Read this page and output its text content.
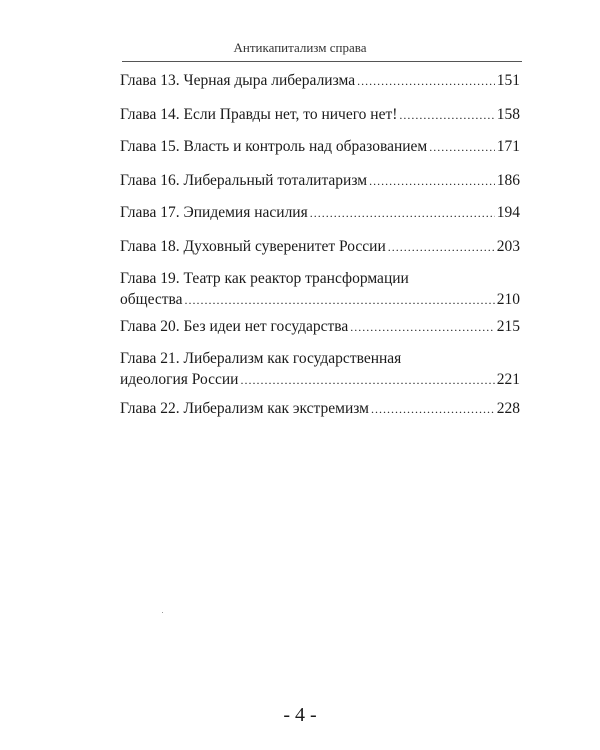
Антикапитализм справа
Глава 13. Черная дыра либерализма .....	151
Глава 14. Если Правды нет, то ничего нет! .....	158
Глава 15. Власть и контроль над образованием .....	171
Глава 16. Либеральный тоталитаризм .....	186
Глава 17. Эпидемия насилия .....	194
Глава 18. Духовный суверенитет России .....	203
Глава 19. Театр как реактор трансформации
общества .....	210
Глава 20. Без идеи нет государства .....	215
Глава 21. Либерализм как государственная
идеология России .....	221
Глава 22. Либерализм как экстремизм .....	228
- 4 -
